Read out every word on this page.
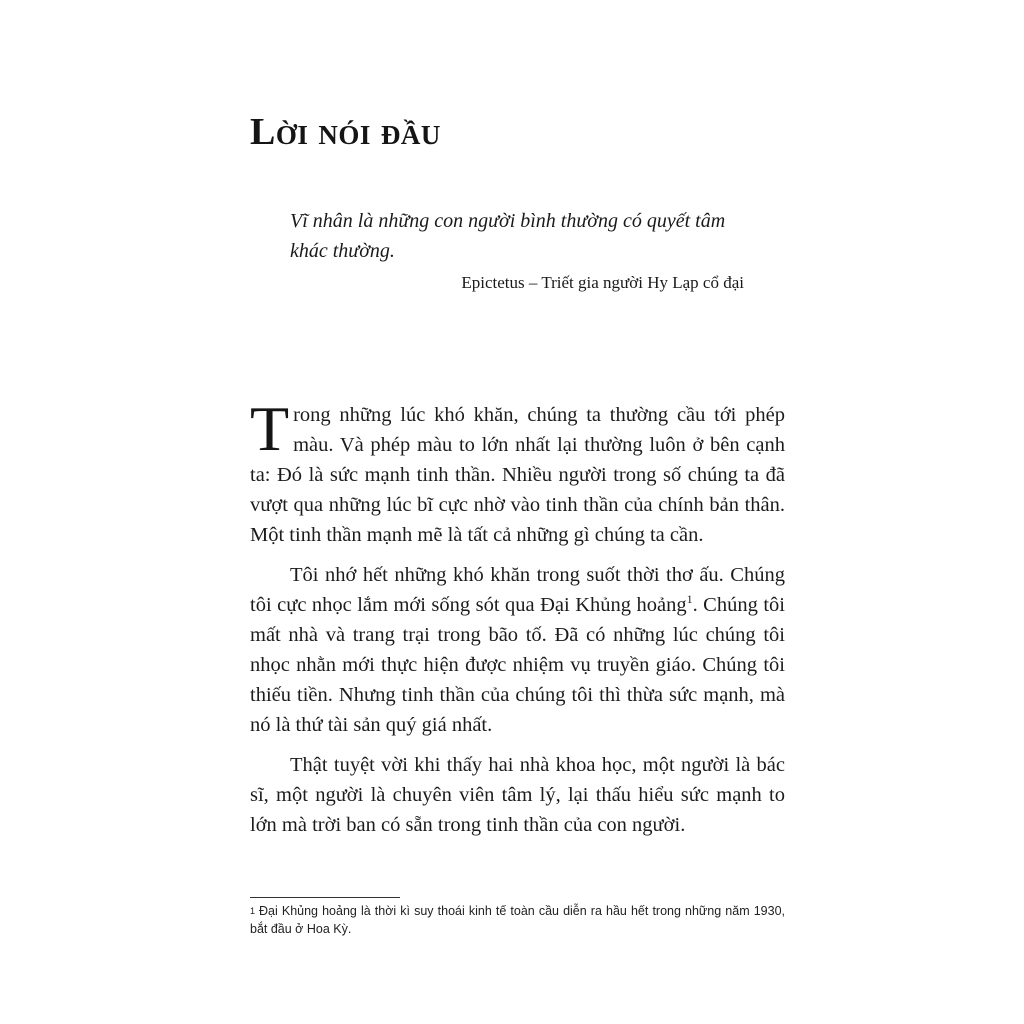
Lời nói đầu

Vĩ nhân là những con người bình thường có quyết tâm khác thường.

Epictetus – Triết gia người Hy Lạp cổ đại

Trong những lúc khó khăn, chúng ta thường cầu tới phép màu. Và phép màu to lớn nhất lại thường luôn ở bên cạnh ta: Đó là sức mạnh tinh thần. Nhiều người trong số chúng ta đã vượt qua những lúc bĩ cực nhờ vào tinh thần của chính bản thân. Một tinh thần mạnh mẽ là tất cả những gì chúng ta cần.

Tôi nhớ hết những khó khăn trong suốt thời thơ ấu. Chúng tôi cực nhọc lắm mới sống sót qua Đại Khủng hoảng$^1$. Chúng tôi mất nhà và trang trại trong bão tố. Đã có những lúc chúng tôi nhọc nhằn mới thực hiện được nhiệm vụ truyền giáo. Chúng tôi thiếu tiền. Nhưng tinh thần của chúng tôi thì thừa sức mạnh, mà nó là thứ tài sản quý giá nhất.

Thật tuyệt vời khi thấy hai nhà khoa học, một người là bác sĩ, một người là chuyên viên tâm lý, lại thấu hiểu sức mạnh to lớn mà trời ban có sẵn trong tinh thần của con người.

$^1$ Đại Khủng hoảng là thời kì suy thoái kinh tế toàn cầu diễn ra hầu hết trong những năm 1930, bắt đầu ở Hoa Kỳ.
